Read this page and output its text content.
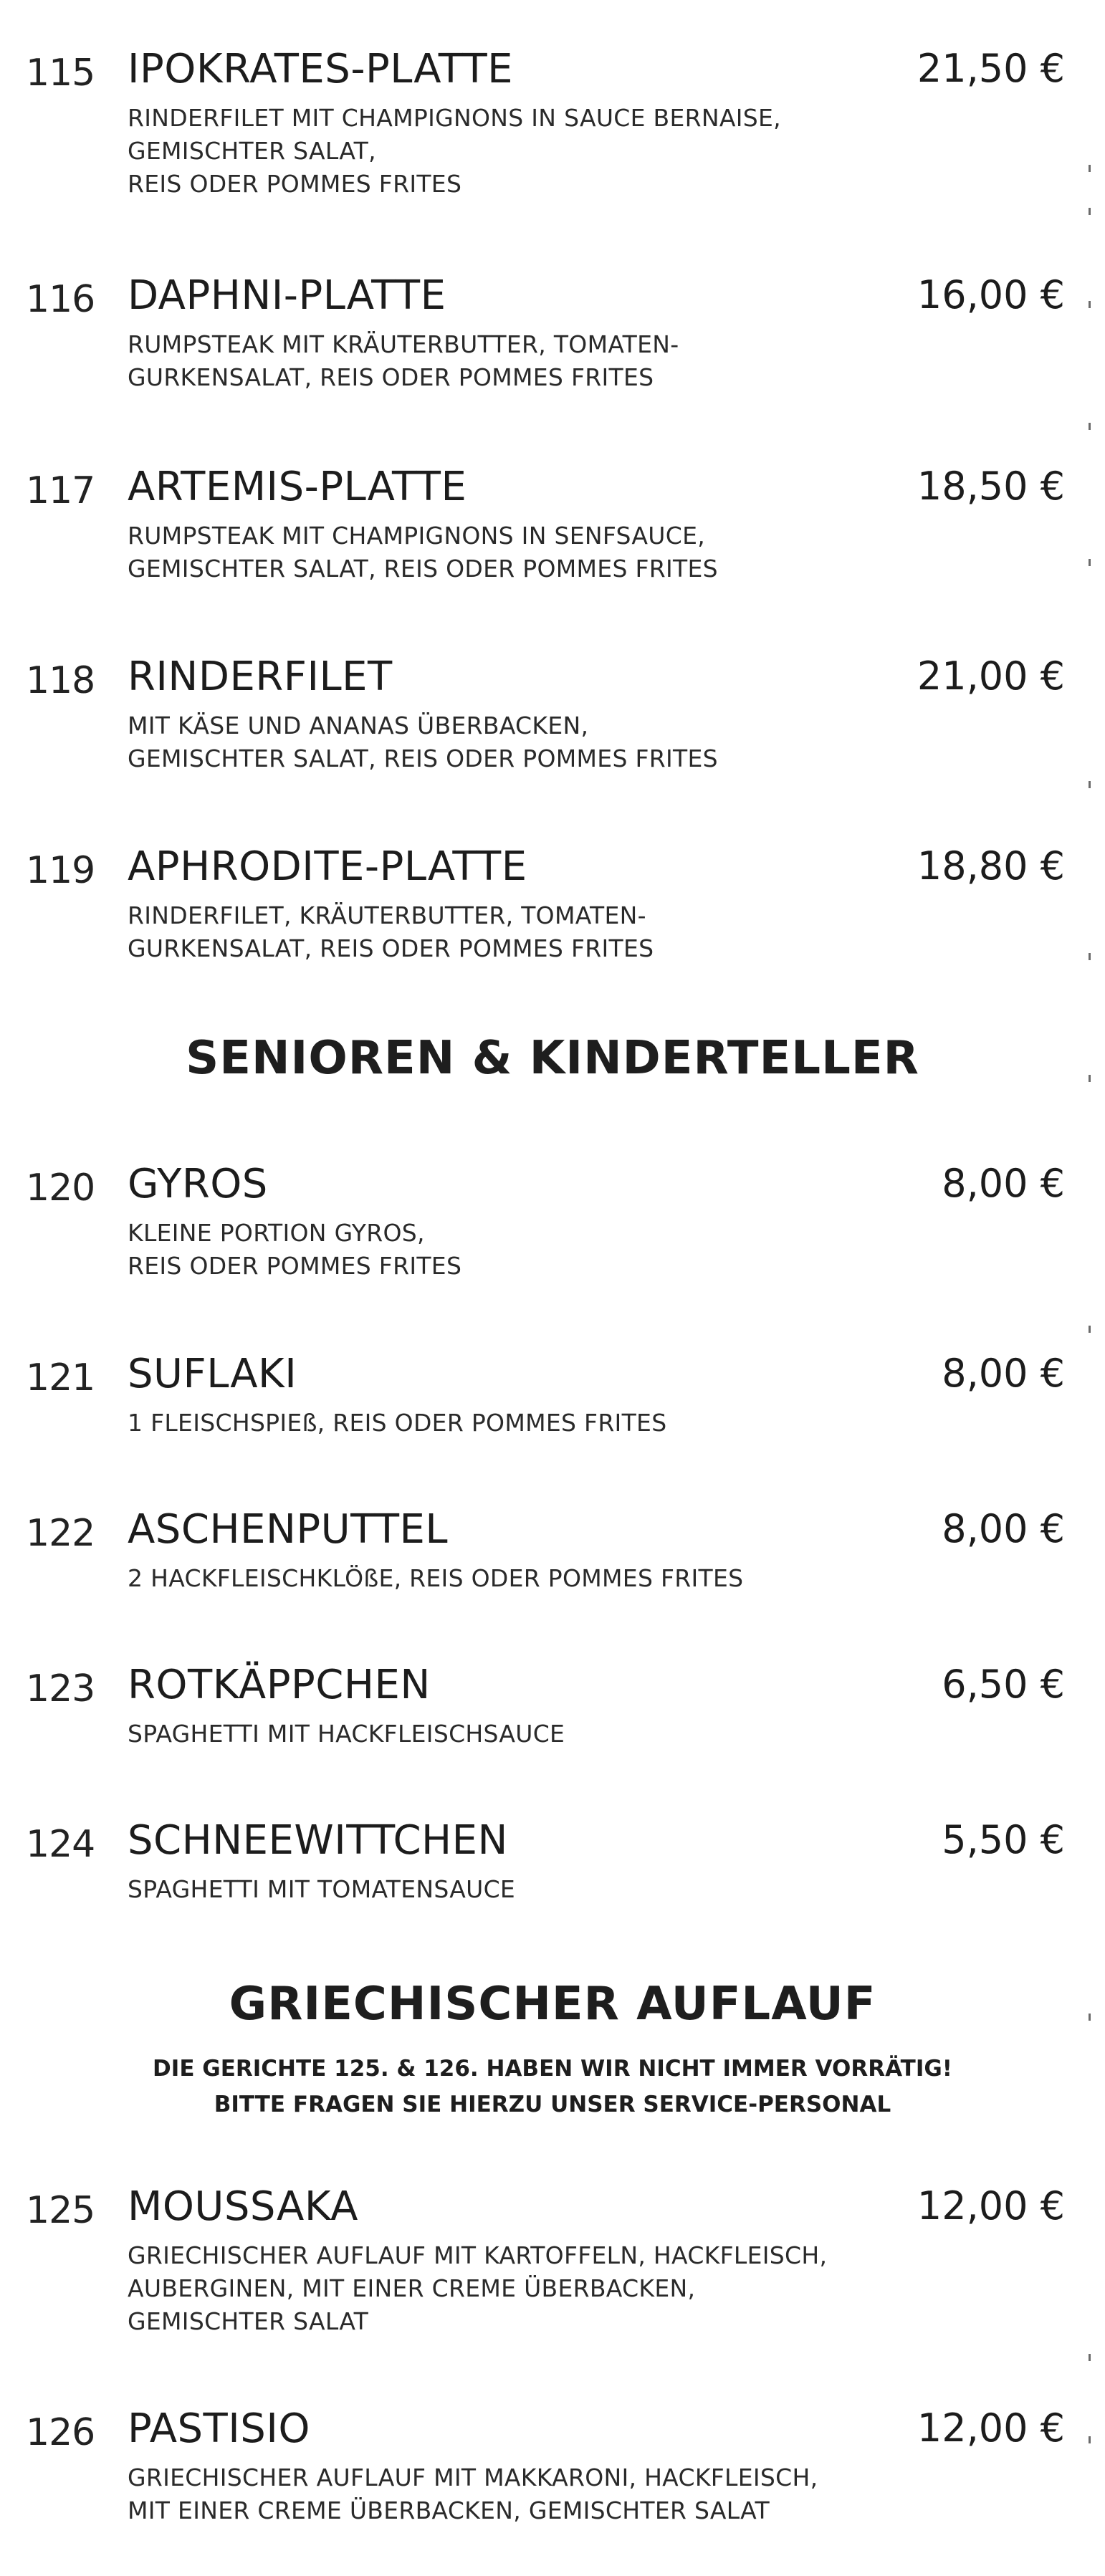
115 IPOKRATES-PLATTE	21,50 €
RINDERFILET MIT CHAMPIGNONS IN SAUCE BERNAISE,
GEMISCHTER SALAT,
REIS ODER POMMES FRITES
116 DAPHNI-PLATTE	16,00 €
RUMPSTEAK MIT KRÄUTERBUTTER, TOMATEN-
GURKENSALAT, REIS ODER POMMES FRITES
117 ARTEMIS-PLATTE	18,50 €
RUMPSTEAK MIT CHAMPIGNONS IN SENFSAUCE,
GEMISCHTER SALAT, REIS ODER POMMES FRITES
118 RINDERFILET	21,00 €
MIT KÄSE UND ANANAS ÜBERBACKEN,
GEMISCHTER SALAT, REIS ODER POMMES FRITES
119 APHRODITE-PLATTE	18,80 €
RINDERFILET, KRÄUTERBUTTER, TOMATEN-
GURKENSALAT, REIS ODER POMMES FRITES
SENIOREN & KINDERTELLER
120 GYROS	8,00 €
KLEINE PORTION GYROS,
REIS ODER POMMES FRITES
121 SUFLAKI	8,00 €
1 FLEISCHSPIEß, REIS ODER POMMES FRITES
122 ASCHENPUTTEL	8,00 €
2 HACKFLEISCHKLÖßE, REIS ODER POMMES FRITES
123 ROTKÄPPCHEN	6,50 €
SPAGHETTI MIT HACKFLEISCHSAUCE
124 SCHNEEWITTCHEN	5,50 €
SPAGHETTI MIT TOMATENSAUCE
GRIECHISCHER AUFLAUF
DIE GERICHTE 125. & 126. HABEN WIR NICHT IMMER VORRÄTIG!
BITTE FRAGEN SIE HIERZU UNSER SERVICE-PERSONAL
125 MOUSSAKA	12,00 €
GRIECHISCHER AUFLAUF MIT KARTOFFELN, HACKFLEISCH,
AUBERGINEN, MIT EINER CREME ÜBERBACKEN,
GEMISCHTER SALAT
126 PASTISIO	12,00 €
GRIECHISCHER AUFLAUF MIT MAKKARONI, HACKFLEISCH,
MIT EINER CREME ÜBERBACKEN, GEMISCHTER SALAT
